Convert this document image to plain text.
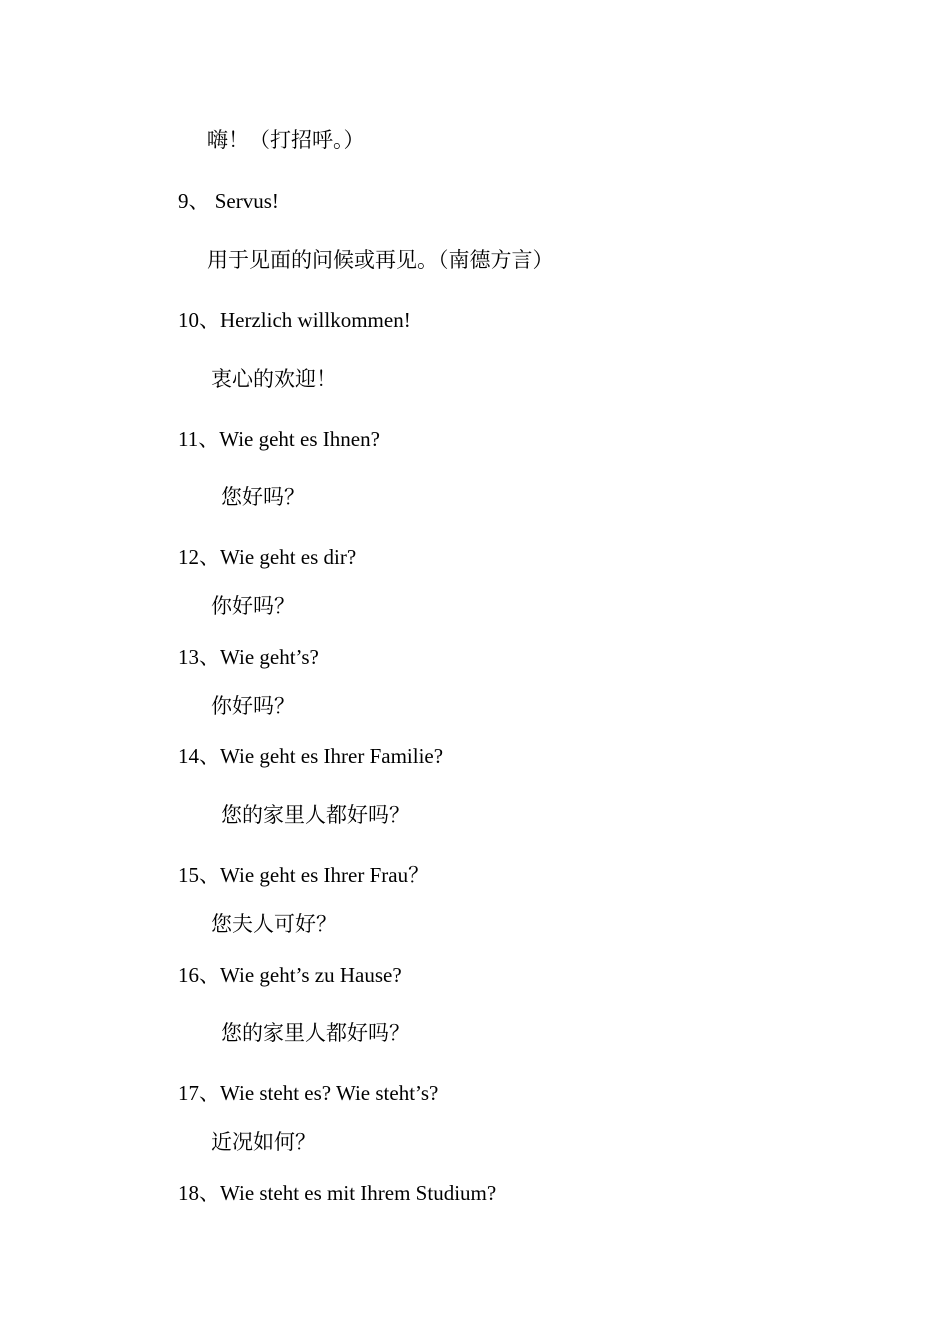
嗨！（打招呼。）
9、 Servus!
用于见面的问候或再见。（南德方言）
10、Herzlich willkommen!
衷心的欢迎！
11、Wie geht es Ihnen?
您好吗？
12、Wie geht es dir?
你好吗？
13、Wie geht’s?
你好吗？
14、Wie geht es Ihrer Familie?
您的家里人都好吗？
15、Wie geht es Ihrer Frau？
您夫人可好？
16、Wie geht’s zu Hause?
您的家里人都好吗？
17、Wie steht es? Wie steht’s?
近况如何？
18、Wie steht es mit Ihrem Studium?
